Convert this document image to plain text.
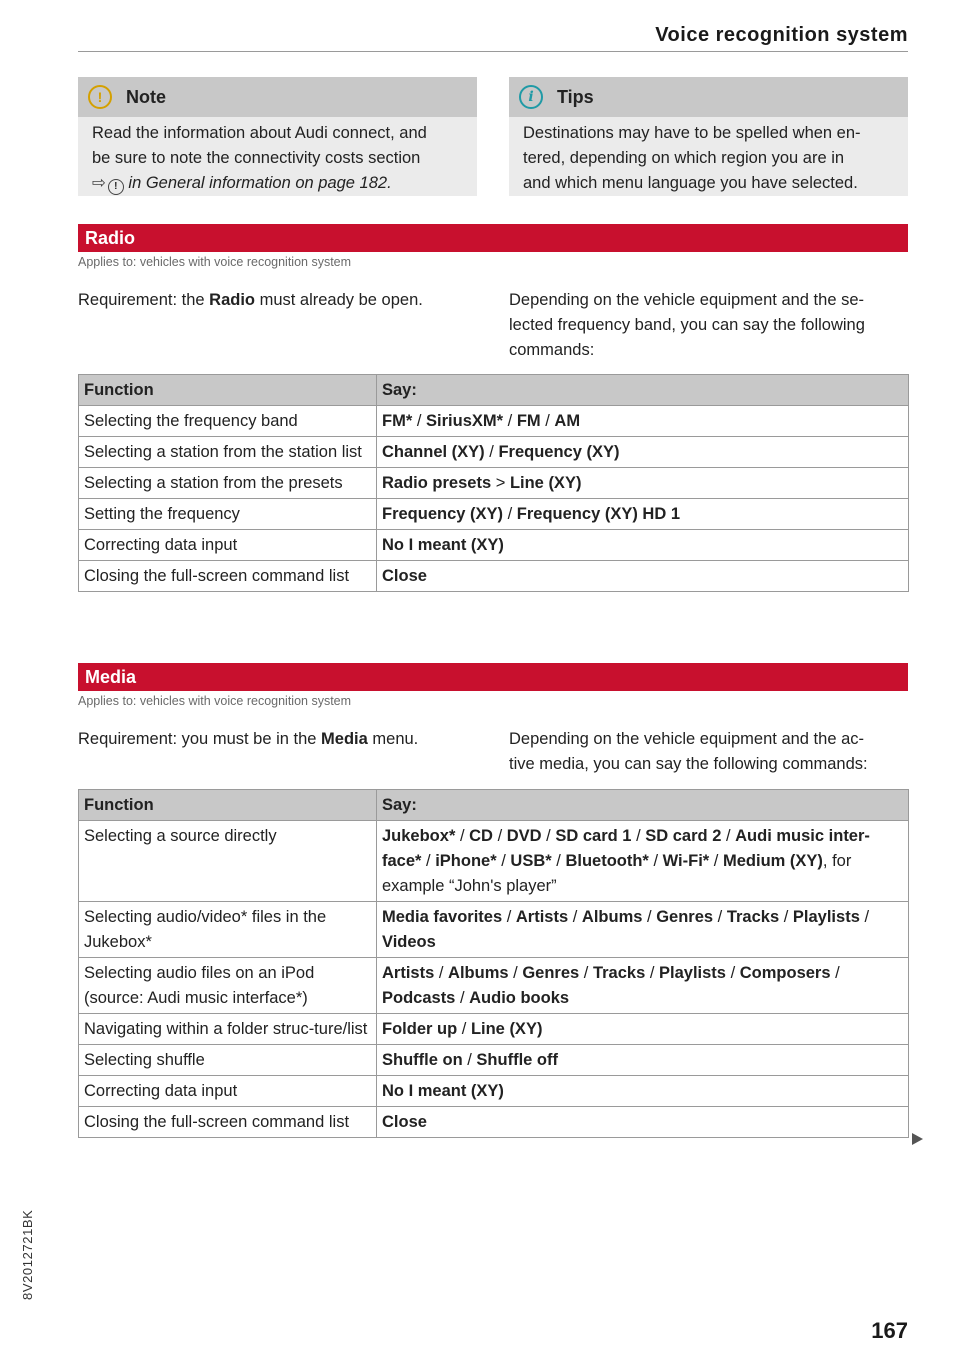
Voice recognition system
!	Note
Read the information about Audi connect, and
be sure to note the connectivity costs section
⇨ ! in General information on page 182.
i	Tips
Destinations may have to be spelled when en-
tered, depending on which region you are in
and which menu language you have selected.
Radio
Applies to: vehicles with voice recognition system
Requirement: the Radio must already be open.	Depending on the vehicle equipment and the se-
lected frequency band, you can say the following
commands:
Function	Say:
Selecting the frequency band	FM* / SiriusXM* / FM / AM
Selecting a station from the station list	Channel (XY) / Frequency (XY)
Selecting a station from the presets	Radio presets > Line (XY)
Setting the frequency	Frequency (XY) / Frequency (XY) HD 1
Correcting data input	No I meant (XY)
Closing the full-screen command list	Close
Media
Applies to: vehicles with voice recognition system
Requirement: you must be in the Media menu.	Depending on the vehicle equipment and the ac-
tive media, you can say the following commands:
Function	Say:
Selecting a source directly	Jukebox* / CD / DVD / SD card 1 / SD card 2 / Audi music inter-face* / iPhone* / USB* / Bluetooth* / Wi-Fi* / Medium (XY), for example “John's player”
Selecting audio/video* files in the Jukebox*	Media favorites / Artists / Albums / Genres / Tracks / Playlists / Videos
Selecting audio files on an iPod (source: Audi music interface*)	Artists / Albums / Genres / Tracks / Playlists / Composers / Podcasts / Audio books
Navigating within a folder struc-ture/list	Folder up / Line (XY)
Selecting shuffle	Shuffle on / Shuffle off
Correcting data input	No I meant (XY)
Closing the full-screen command list	Close
8V2012721BK
167
